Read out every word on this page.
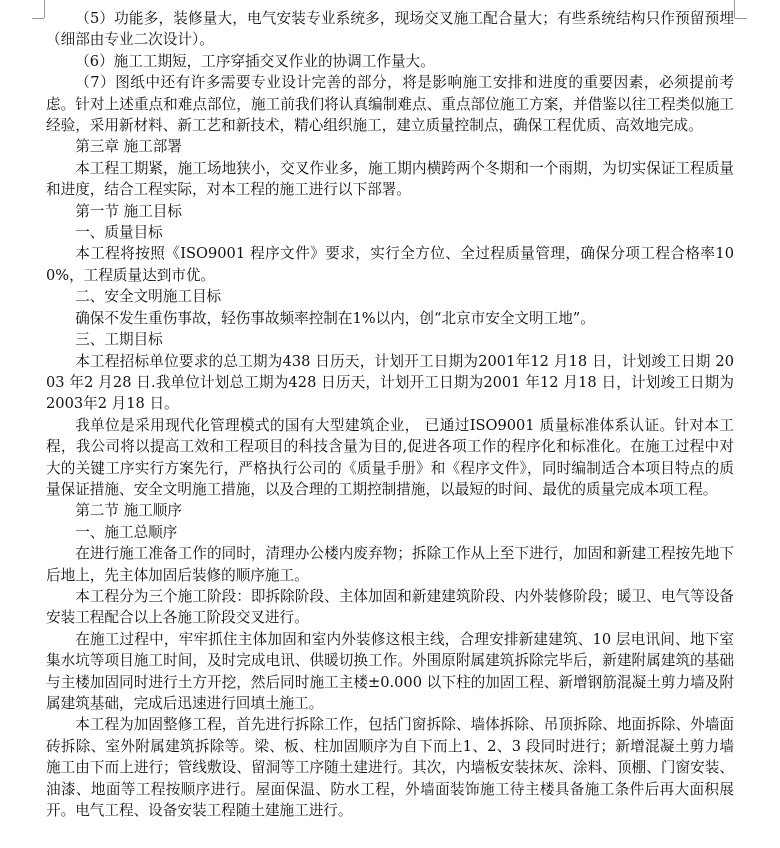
（5）功能多，装修量大，电气安装专业系统多，现场交叉施工配合量大；有些系统结构只作预留预埋（细部由专业二次设计）。

（6）施工工期短，工序穿插交叉作业的协调工作量大。

（7）图纸中还有许多需要专业设计完善的部分，将是影响施工安排和进度的重要因素，必须提前考虑。针对上述重点和难点部位，施工前我们将认真编制难点、重点部位施工方案，并借鉴以往工程类似施工经验，采用新材料、新工艺和新技术，精心组织施工，建立质量控制点，确保工程优质、高效地完成。

第三章 施工部署

本工程工期紧，施工场地狭小，交叉作业多，施工期内横跨两个冬期和一个雨期，为切实保证工程质量和进度，结合工程实际，对本工程的施工进行以下部署。

第一节 施工目标

一、质量目标

本工程将按照《ISO9001 程序文件》要求，实行全方位、全过程质量管理，确保分项工程合格率100%，工程质量达到市优。

二、安全文明施工目标

确保不发生重伤事故，轻伤事故频率控制在1%以内，创“北京市安全文明工地”。

三、工期目标

本工程招标单位要求的总工期为438 日历天，计划开工日期为2001年12 月18 日，计划竣工日期 2003 年2 月28 日.我单位计划总工期为428 日历天，计划开工日期为2001 年12 月18 日，计划竣工日期为 2003年2 月18 日。

我单位是采用现代化管理模式的国有大型建筑企业， 已通过ISO9001 质量标准体系认证。针对本工程，我公司将以提高工效和工程项目的科技含量为目的,促进各项工作的程序化和标准化。在施工过程中对大的关键工序实行方案先行，严格执行公司的《质量手册》和《程序文件》，同时编制适合本项目特点的质量保证措施、安全文明施工措施，以及合理的工期控制措施，以最短的时间、最优的质量完成本项工程。

第二节 施工顺序

一、施工总顺序

在进行施工准备工作的同时，清理办公楼内废弃物；拆除工作从上至下进行，加固和新建工程按先地下后地上，先主体加固后装修的顺序施工。

本工程分为三个施工阶段：即拆除阶段、主体加固和新建建筑阶段、内外装修阶段；暖卫、电气等设备安装工程配合以上各施工阶段交叉进行。

在施工过程中，牢牢抓住主体加固和室内外装修这根主线，合理安排新建建筑、10 层电讯间、地下室集水坑等项目施工时间，及时完成电讯、供暖切换工作。外围原附属建筑拆除完毕后，新建附属建筑的基础与主楼加固同时进行土方开挖，然后同时施工主楼±0.000 以下柱的加固工程、新增钢筋混凝土剪力墙及附属建筑基础，完成后迅速进行回填土施工。

本工程为加固整修工程，首先进行拆除工作，包括门窗拆除、墙体拆除、吊顶拆除、地面拆除、外墙面砖拆除、室外附属建筑拆除等。梁、板、柱加固顺序为自下而上1、2、3 段同时进行；新增混凝土剪力墙施工由下而上进行；管线敷设、留洞等工序随土建进行。其次，内墙板安装抹灰、涂料、顶棚、门窗安装、油漆、地面等工程按顺序进行。屋面保温、防水工程，外墙面装饰施工待主楼具备施工条件后再大面积展开。电气工程、设备安装工程随土建施工进行。
